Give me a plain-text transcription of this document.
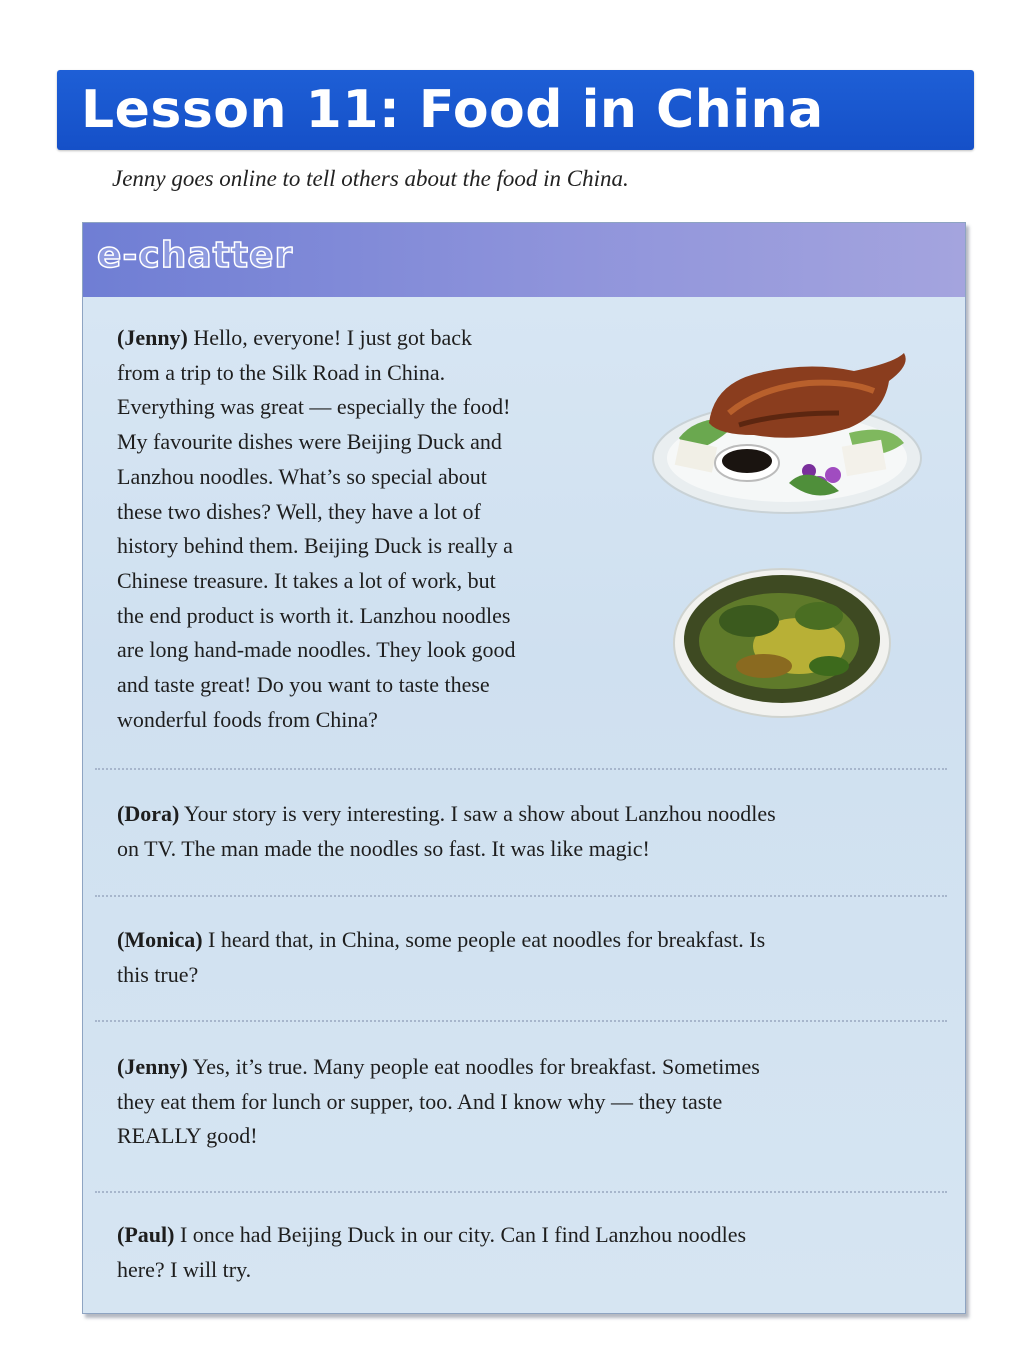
Lesson 11: Food in China
Jenny goes online to tell others about the food in China.
e-chatter
(Jenny) Hello, everyone! I just got back
from a trip to the Silk Road in China.
Everything was great — especially the food!
My favourite dishes were Beijing Duck and
Lanzhou noodles. What’s so special about
these two dishes? Well, they have a lot of
history behind them. Beijing Duck is really a
Chinese treasure. It takes a lot of work, but
the end product is worth it. Lanzhou noodles
are long hand-made noodles. They look good
and taste great! Do you want to taste these
wonderful foods from China?
(Dora) Your story is very interesting. I saw a show about Lanzhou noodles
on TV. The man made the noodles so fast. It was like magic!
(Monica) I heard that, in China, some people eat noodles for breakfast. Is
this true?
(Jenny) Yes, it’s true. Many people eat noodles for breakfast. Sometimes
they eat them for lunch or supper, too. And I know why — they taste
REALLY good!
(Paul) I once had Beijing Duck in our city. Can I find Lanzhou noodles
here? I will try.
